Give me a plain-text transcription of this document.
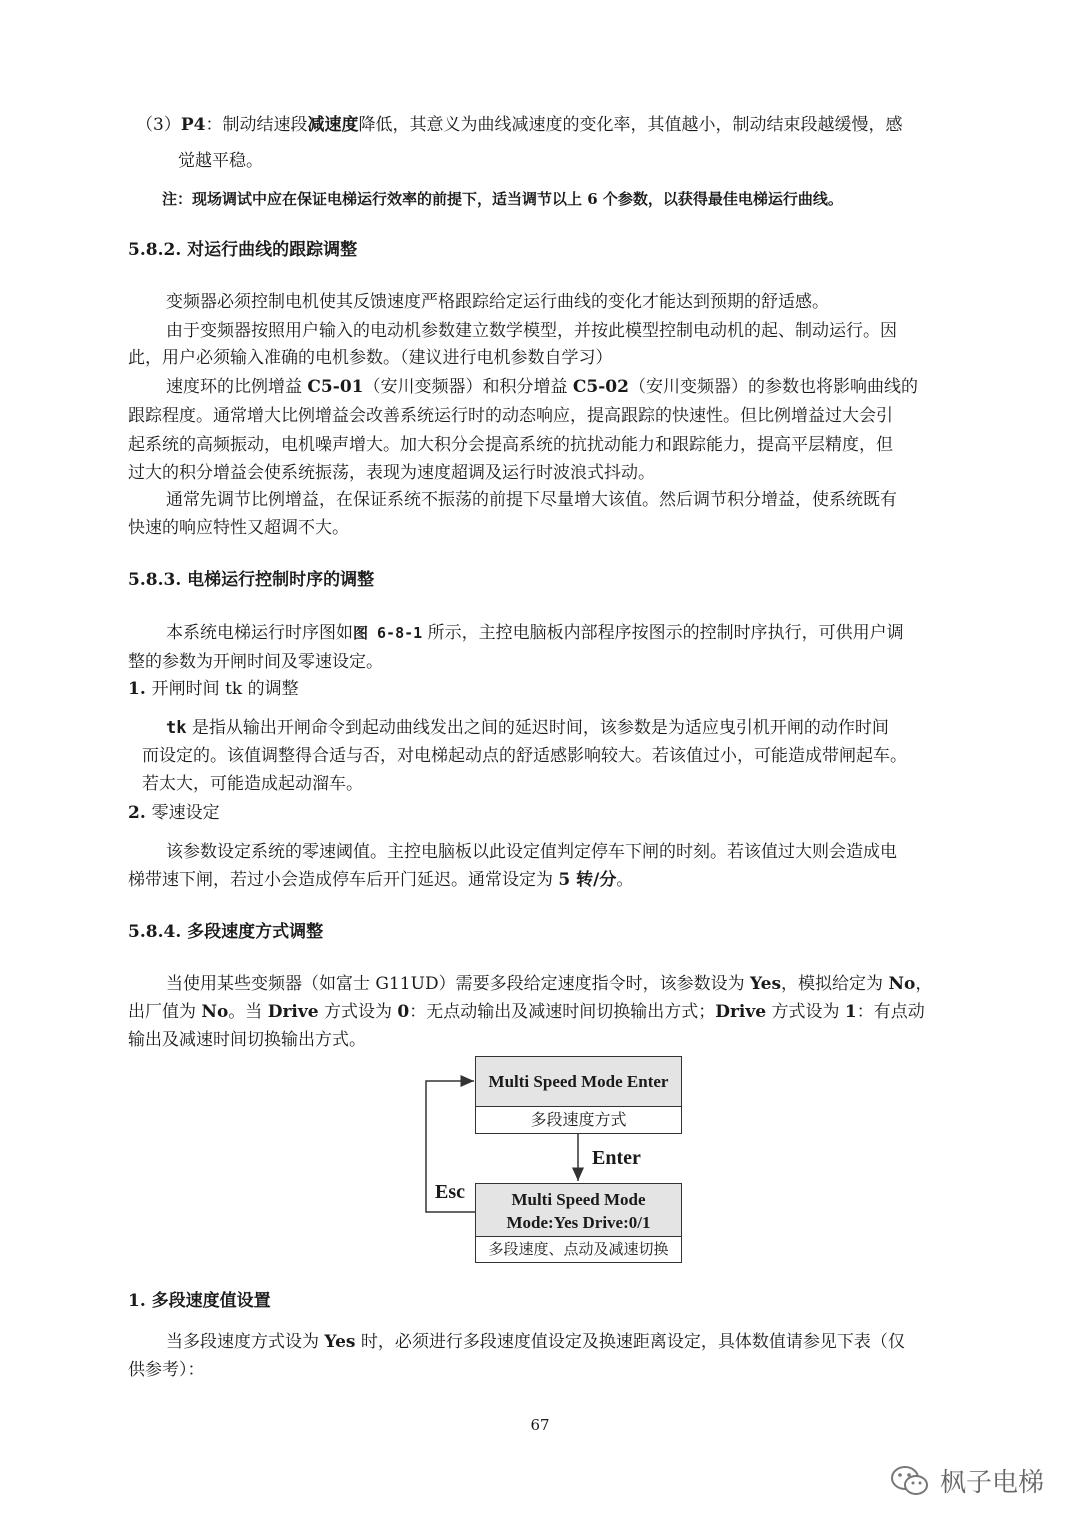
（3）P4：制动结速段减速度降低，其意义为曲线减速度的变化率，其值越小，制动结束段越缓慢，感
觉越平稳。
注：现场调试中应在保证电梯运行效率的前提下，适当调节以上 6 个参数，以获得最佳电梯运行曲线。
5.8.2. 对运行曲线的跟踪调整
变频器必须控制电机使其反馈速度严格跟踪给定运行曲线的变化才能达到预期的舒适感。
由于变频器按照用户输入的电动机参数建立数学模型，并按此模型控制电动机的起、制动运行。因
此，用户必须输入准确的电机参数。（建议进行电机参数自学习）
速度环的比例增益 C5-01（安川变频器）和积分增益 C5-02（安川变频器）的参数也将影响曲线的
跟踪程度。通常增大比例增益会改善系统运行时的动态响应，提高跟踪的快速性。但比例增益过大会引
起系统的高频振动，电机噪声增大。加大积分会提高系统的抗扰动能力和跟踪能力，提高平层精度，但
过大的积分增益会使系统振荡，表现为速度超调及运行时波浪式抖动。
通常先调节比例增益，在保证系统不振荡的前提下尽量增大该值。然后调节积分增益，使系统既有
快速的响应特性又超调不大。
5.8.3. 电梯运行控制时序的调整
本系统电梯运行时序图如图 6-8-1 所示，主控电脑板内部程序按图示的控制时序执行，可供用户调
整的参数为开闸时间及零速设定。
1. 开闸时间 tk 的调整
tk 是指从输出开闸命令到起动曲线发出之间的延迟时间，该参数是为适应曳引机开闸的动作时间
而设定的。该值调整得合适与否，对电梯起动点的舒适感影响较大。若该值过小，可能造成带闸起车。
若太大，可能造成起动溜车。
2. 零速设定
该参数设定系统的零速阈值。主控电脑板以此设定值判定停车下闸的时刻。若该值过大则会造成电
梯带速下闸，若过小会造成停车后开门延迟。通常设定为 5 转/分。
5.8.4. 多段速度方式调整
当使用某些变频器（如富士 G11UD）需要多段给定速度指令时，该参数设为 Yes，模拟给定为 No，
出厂值为 No。当 Drive 方式设为 0：无点动输出及减速时间切换输出方式；Drive 方式设为 1：有点动
输出及减速时间切换输出方式。
Multi Speed Mode Enter
多段速度方式
Enter
Esc	Multi Speed Mode
Mode:Yes Drive:0/1
多段速度、点动及减速切换
1. 多段速度值设置
当多段速度方式设为 Yes 时，必须进行多段速度值设定及换速距离设定，具体数值请参见下表（仅
供参考）：
67
枫子电梯
